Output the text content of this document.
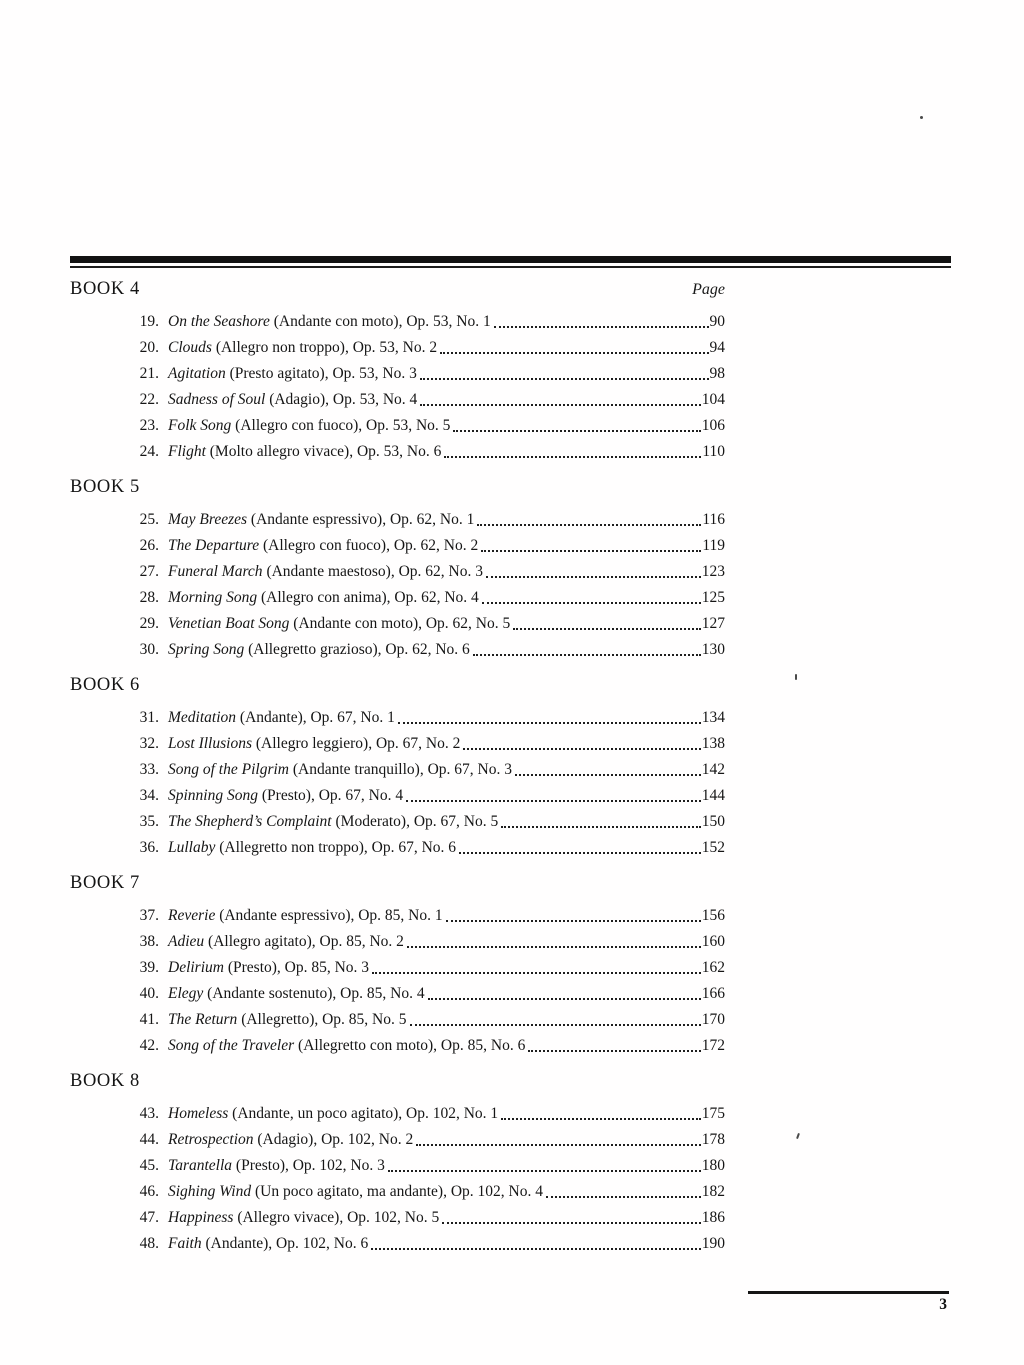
BOOK 4	Page
19. On the Seashore (Andante con moto), Op. 53, No. 1	90
20. Clouds (Allegro non troppo), Op. 53, No. 2	94
21. Agitation (Presto agitato), Op. 53, No. 3	98
22. Sadness of Soul (Adagio), Op. 53, No. 4	104
23. Folk Song (Allegro con fuoco), Op. 53, No. 5	106
24. Flight (Molto allegro vivace), Op. 53, No. 6	110
BOOK 5
25. May Breezes (Andante espressivo), Op. 62, No. 1	116
26. The Departure (Allegro con fuoco), Op. 62, No. 2	119
27. Funeral March (Andante maestoso), Op. 62, No. 3	123
28. Morning Song (Allegro con anima), Op. 62, No. 4	125
29. Venetian Boat Song (Andante con moto), Op. 62, No. 5	127
30. Spring Song (Allegretto grazioso), Op. 62, No. 6	130
BOOK 6
31. Meditation (Andante), Op. 67, No. 1	134
32. Lost Illusions (Allegro leggiero), Op. 67, No. 2	138
33. Song of the Pilgrim (Andante tranquillo), Op. 67, No. 3	142
34. Spinning Song (Presto), Op. 67, No. 4	144
35. The Shepherd’s Complaint (Moderato), Op. 67, No. 5	150
36. Lullaby (Allegretto non troppo), Op. 67, No. 6	152
BOOK 7
37. Reverie (Andante espressivo), Op. 85, No. 1	156
38. Adieu (Allegro agitato), Op. 85, No. 2	160
39. Delirium (Presto), Op. 85, No. 3	162
40. Elegy (Andante sostenuto), Op. 85, No. 4	166
41. The Return (Allegretto), Op. 85, No. 5	170
42. Song of the Traveler (Allegretto con moto), Op. 85, No. 6	172
BOOK 8
43. Homeless (Andante, un poco agitato), Op. 102, No. 1	175
44. Retrospection (Adagio), Op. 102, No. 2	178
45. Tarantella (Presto), Op. 102, No. 3	180
46. Sighing Wind (Un poco agitato, ma andante), Op. 102, No. 4	182
47. Happiness (Allegro vivace), Op. 102, No. 5	186
48. Faith (Andante), Op. 102, No. 6	190
3
